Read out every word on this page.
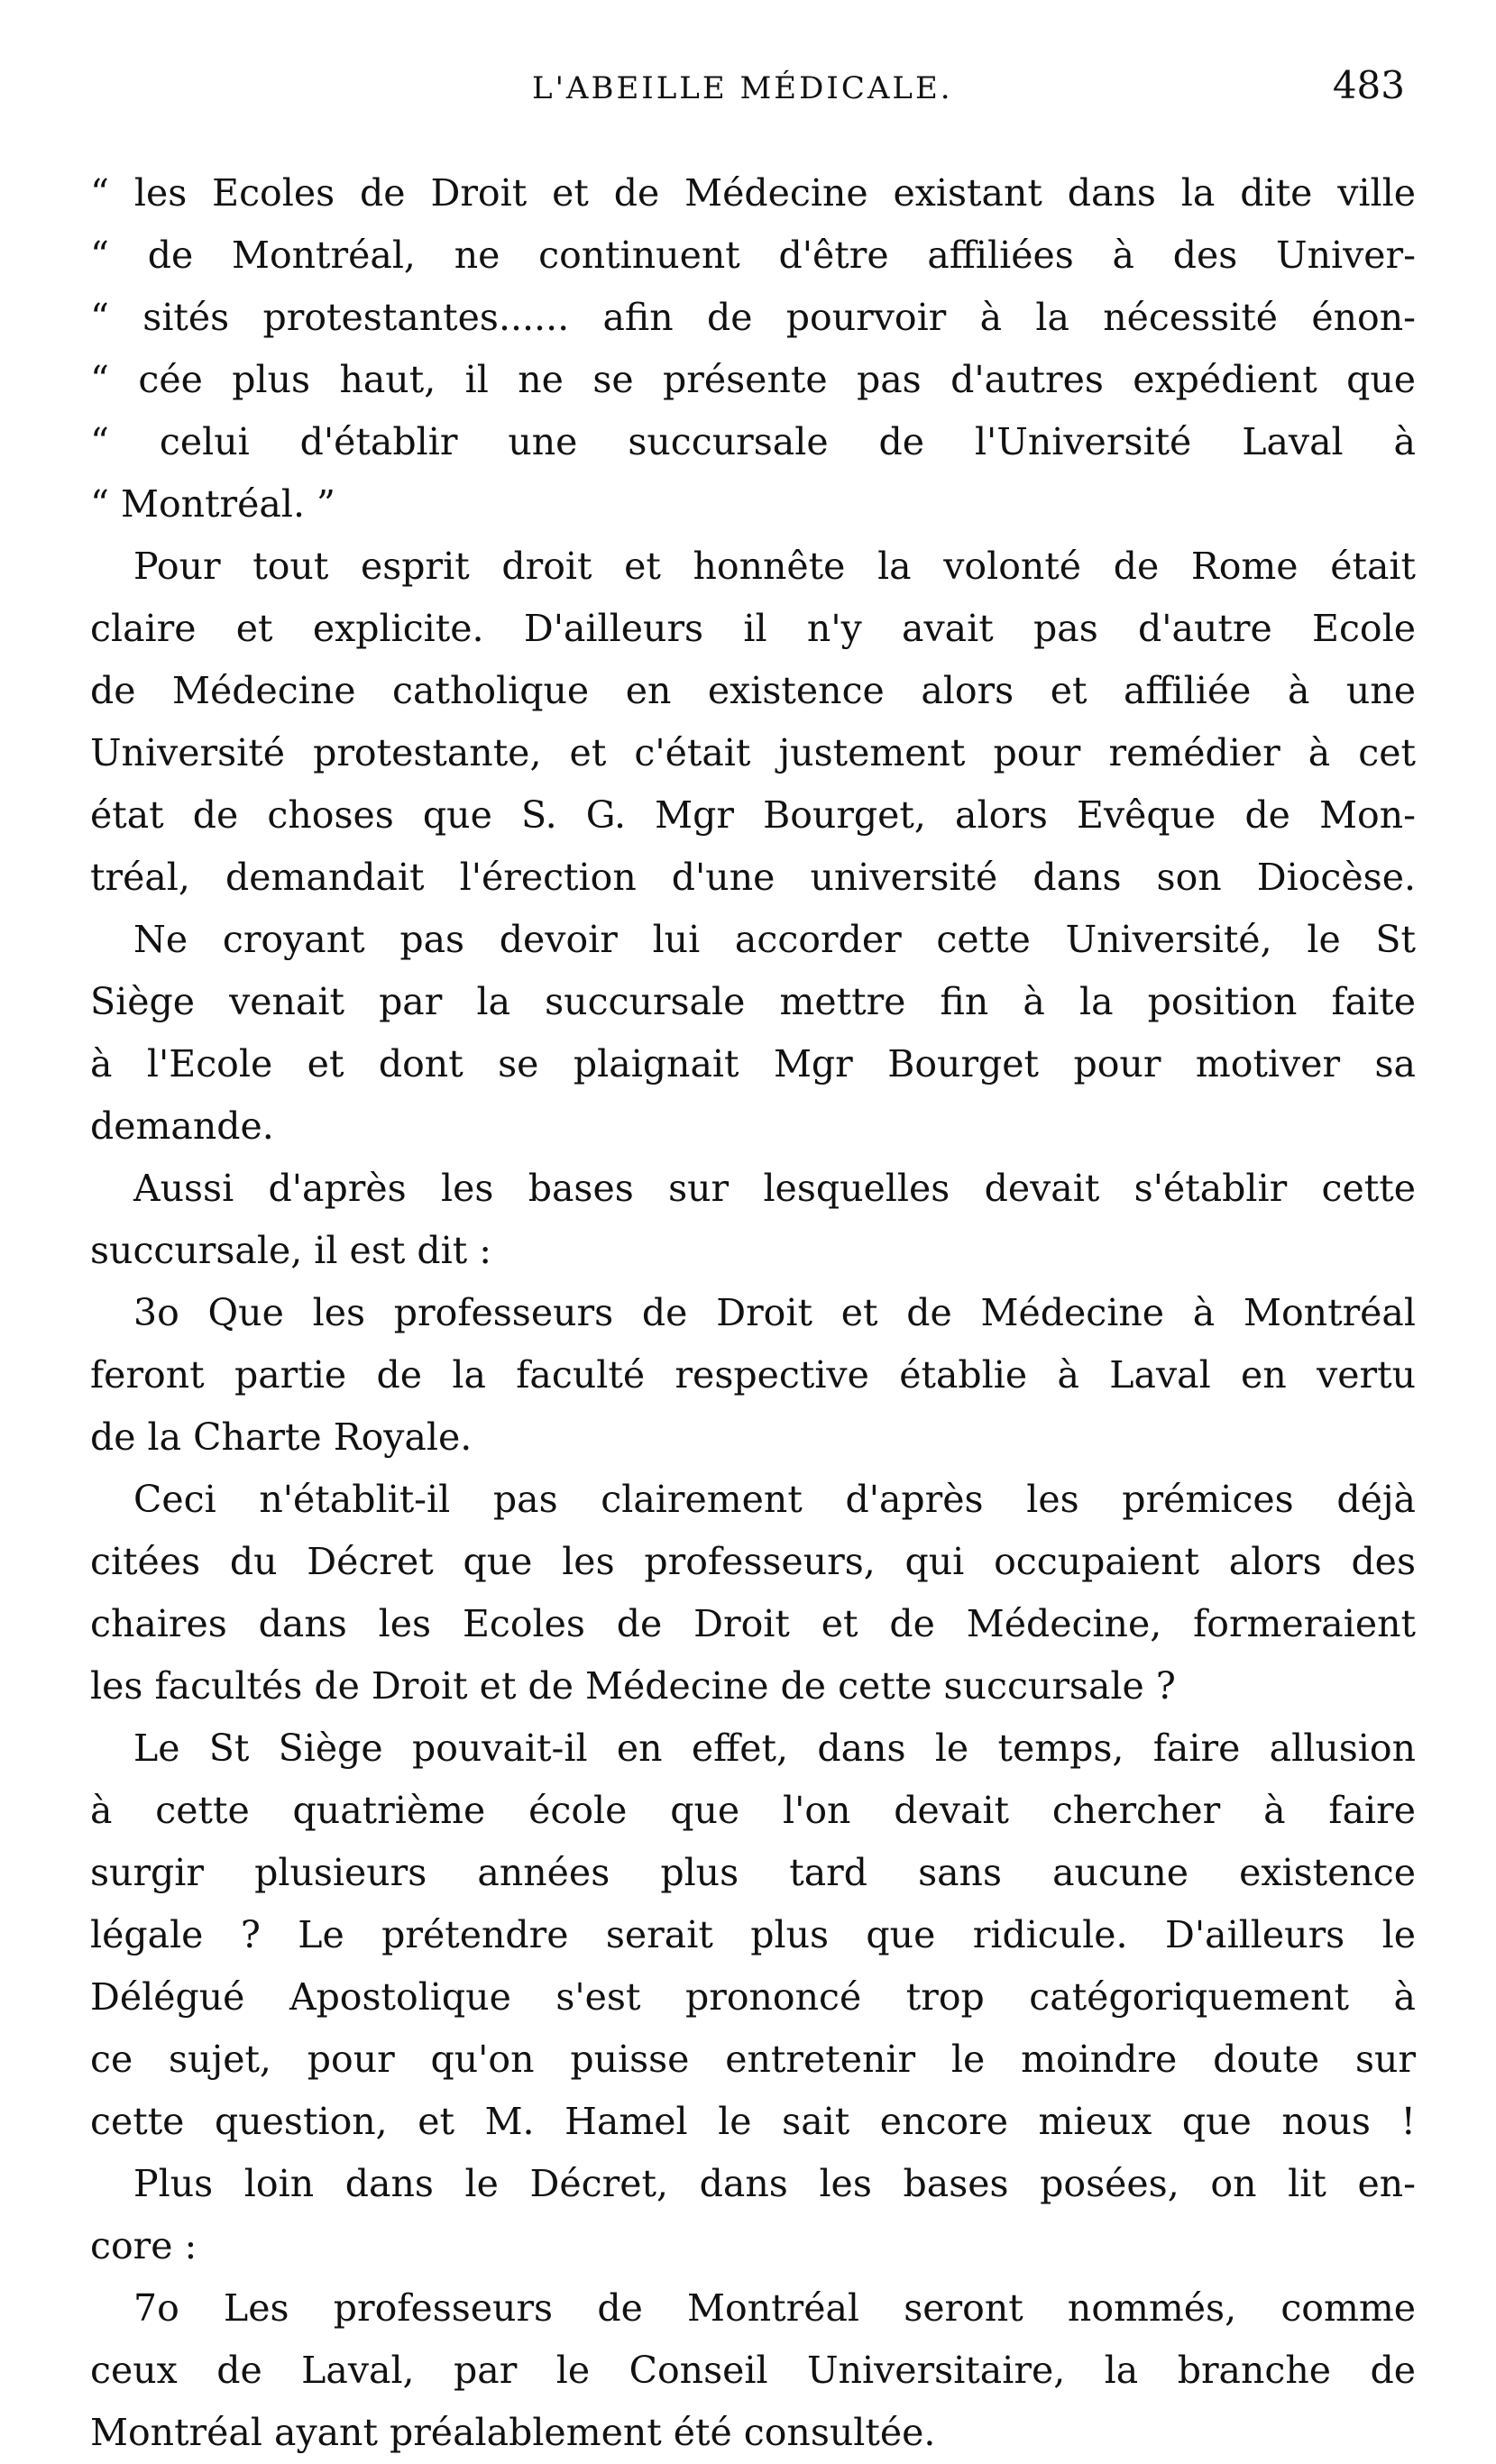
L'ABEILLE MÉDICALE.	483
“ les Ecoles de Droit et de Médecine existant dans la dite ville
“ de Montréal, ne continuent d'être affiliées à des Univer-
“ sités protestantes...... afin de pourvoir à la nécessité énon-
“ cée plus haut, il ne se présente pas d'autres expédient que
“ celui d'établir une succursale de l'Université Laval à
“ Montréal. ”
Pour tout esprit droit et honnête la volonté de Rome était
claire et explicite. D'ailleurs il n'y avait pas d'autre Ecole
de Médecine catholique en existence alors et affiliée à une
Université protestante, et c'était justement pour remédier à cet
état de choses que S. G. Mgr Bourget, alors Evêque de Mon-
tréal, demandait l'érection d'une université dans son Diocèse.
Ne croyant pas devoir lui accorder cette Université, le St
Siège venait par la succursale mettre fin à la position faite
à l'Ecole et dont se plaignait Mgr Bourget pour motiver sa
demande.
Aussi d'après les bases sur lesquelles devait s'établir cette
succursale, il est dit :
3o Que les professeurs de Droit et de Médecine à Montréal
feront partie de la faculté respective établie à Laval en vertu
de la Charte Royale.
Ceci n'établit-il pas clairement d'après les prémices déjà
citées du Décret que les professeurs, qui occupaient alors des
chaires dans les Ecoles de Droit et de Médecine, formeraient
les facultés de Droit et de Médecine de cette succursale ?
Le St Siège pouvait-il en effet, dans le temps, faire allusion
à cette quatrième école que l'on devait chercher à faire
surgir plusieurs années plus tard sans aucune existence
légale ? Le prétendre serait plus que ridicule. D'ailleurs le
Délégué Apostolique s'est prononcé trop catégoriquement à
ce sujet, pour qu'on puisse entretenir le moindre doute sur
cette question, et M. Hamel le sait encore mieux que nous !
Plus loin dans le Décret, dans les bases posées, on lit en-
core :
7o Les professeurs de Montréal seront nommés, comme
ceux de Laval, par le Conseil Universitaire, la branche de
Montréal ayant préalablement été consultée.
